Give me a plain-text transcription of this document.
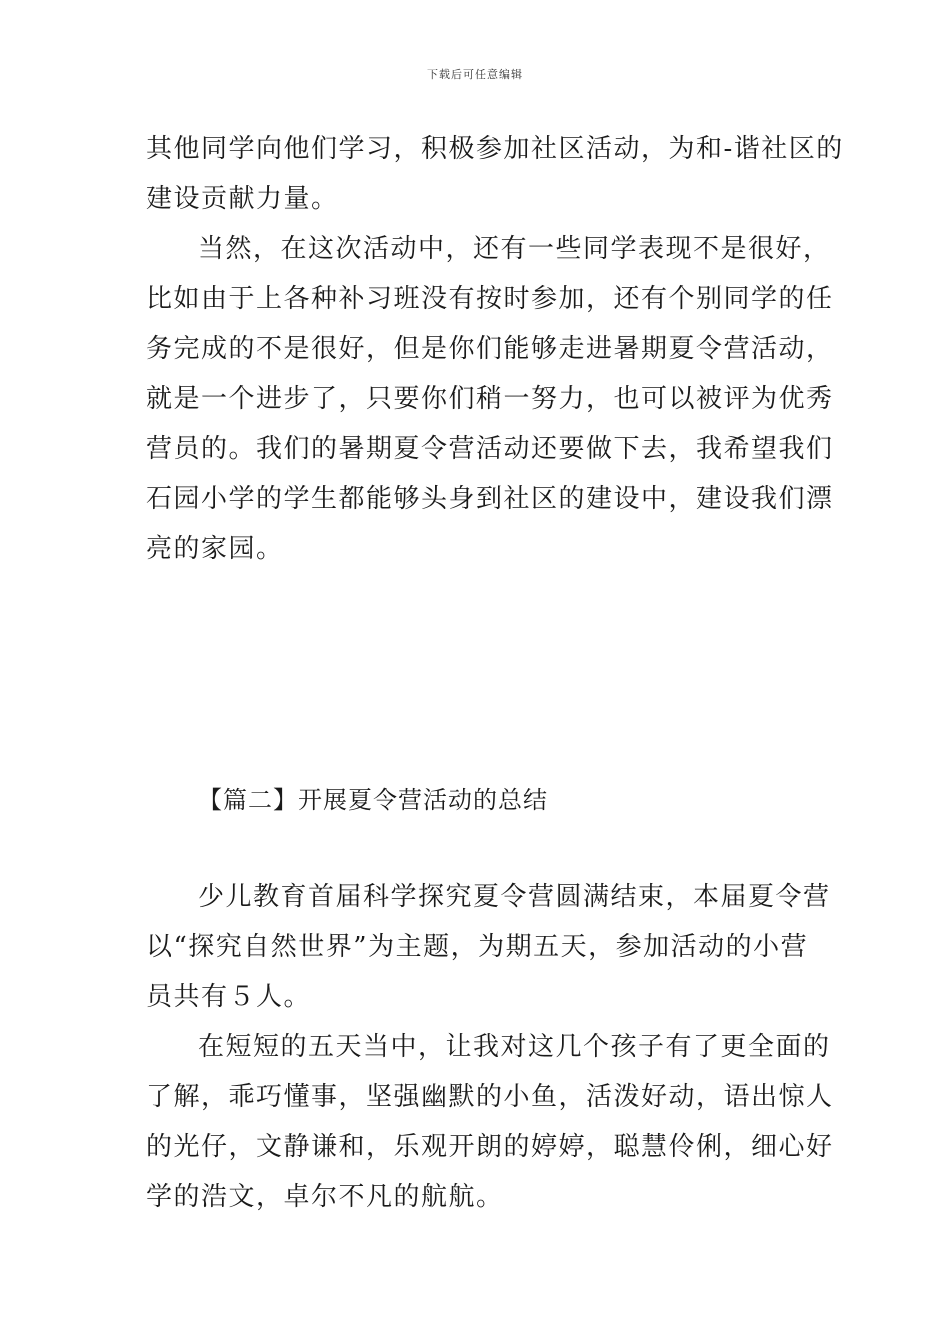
下载后可任意编辑
其他同学向他们学习，积极参加社区活动，为和-谐社区的
建设贡献力量。
当然，在这次活动中，还有一些同学表现不是很好，
比如由于上各种补习班没有按时参加，还有个别同学的任
务完成的不是很好，但是你们能够走进暑期夏令营活动，
就是一个进步了，只要你们稍一努力，也可以被评为优秀
营员的。我们的暑期夏令营活动还要做下去，我希望我们
石园小学的学生都能够头身到社区的建设中，建设我们漂
亮的家园。
【篇二】开展夏令营活动的总结
少儿教育首届科学探究夏令营圆满结束，本届夏令营
以“探究自然世界”为主题，为期五天，参加活动的小营
员共有５人。
在短短的五天当中，让我对这几个孩子有了更全面的
了解，乖巧懂事，坚强幽默的小鱼，活泼好动，语出惊人
的光仔，文静谦和，乐观开朗的婷婷，聪慧伶俐，细心好
学的浩文，卓尔不凡的航航。
